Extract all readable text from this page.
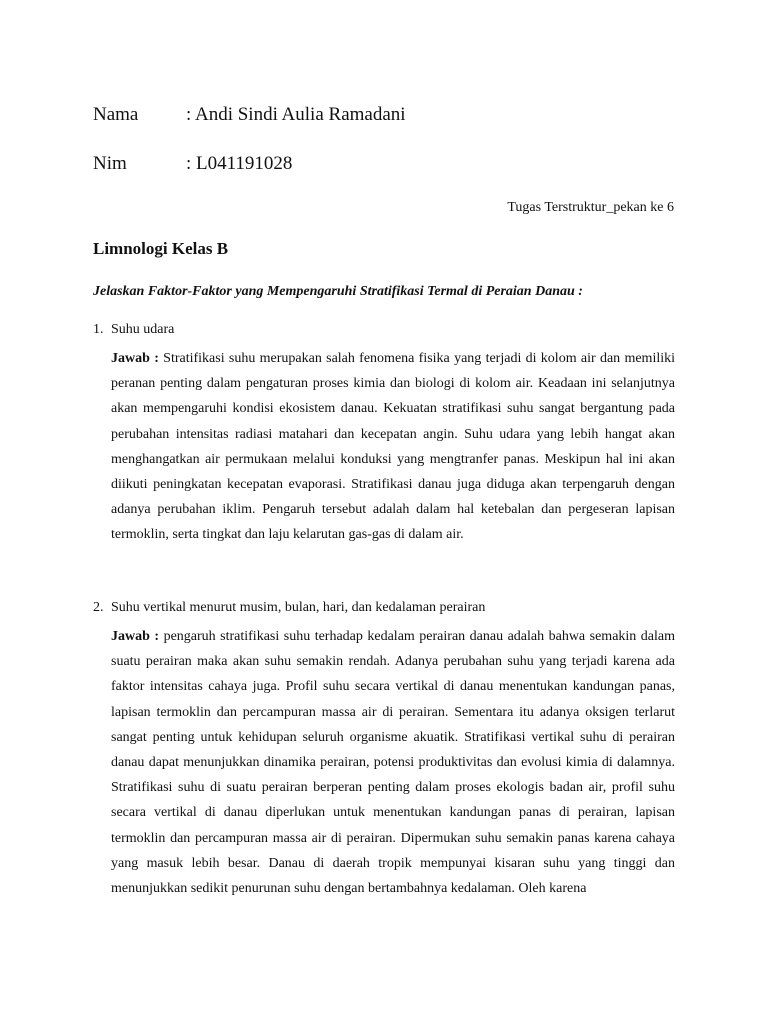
Nama	: Andi Sindi Aulia Ramadani
Nim	: L041191028
Tugas Terstruktur_pekan ke 6
Limnologi Kelas B
Jelaskan Faktor-Faktor yang Mempengaruhi Stratifikasi Termal di Peraian Danau :
1. Suhu udara
Jawab : Stratifikasi suhu merupakan salah fenomena fisika yang terjadi di kolom air dan memiliki peranan penting dalam pengaturan proses kimia dan biologi di kolom air. Keadaan ini selanjutnya akan mempengaruhi kondisi ekosistem danau. Kekuatan stratifikasi suhu sangat bergantung pada perubahan intensitas radiasi matahari dan kecepatan angin. Suhu udara yang lebih hangat akan menghangatkan air permukaan melalui konduksi yang mengtranfer panas. Meskipun hal ini akan diikuti peningkatan kecepatan evaporasi. Stratifikasi danau juga diduga akan terpengaruh dengan adanya perubahan iklim. Pengaruh tersebut adalah dalam hal ketebalan dan pergeseran lapisan termoklin, serta tingkat dan laju kelarutan gas-gas di dalam air.
2. Suhu vertikal menurut musim, bulan, hari, dan kedalaman perairan
Jawab : pengaruh stratifikasi suhu terhadap kedalam perairan danau adalah bahwa semakin dalam suatu perairan maka akan suhu semakin rendah. Adanya perubahan suhu yang terjadi karena ada faktor intensitas cahaya juga. Profil suhu secara vertikal di danau menentukan kandungan panas, lapisan termoklin dan percampuran massa air di perairan. Sementara itu adanya oksigen terlarut sangat penting untuk kehidupan seluruh organisme akuatik. Stratifikasi vertikal suhu di perairan danau dapat menunjukkan dinamika perairan, potensi produktivitas dan evolusi kimia di dalamnya. Stratifikasi suhu di suatu perairan berperan penting dalam proses ekologis badan air, profil suhu secara vertikal di danau diperlukan untuk menentukan kandungan panas di perairan, lapisan termoklin dan percampuran massa air di perairan. Dipermukan suhu semakin panas karena cahaya yang masuk lebih besar. Danau di daerah tropik mempunyai kisaran suhu yang tinggi dan menunjukkan sedikit penurunan suhu dengan bertambahnya kedalaman. Oleh karena
